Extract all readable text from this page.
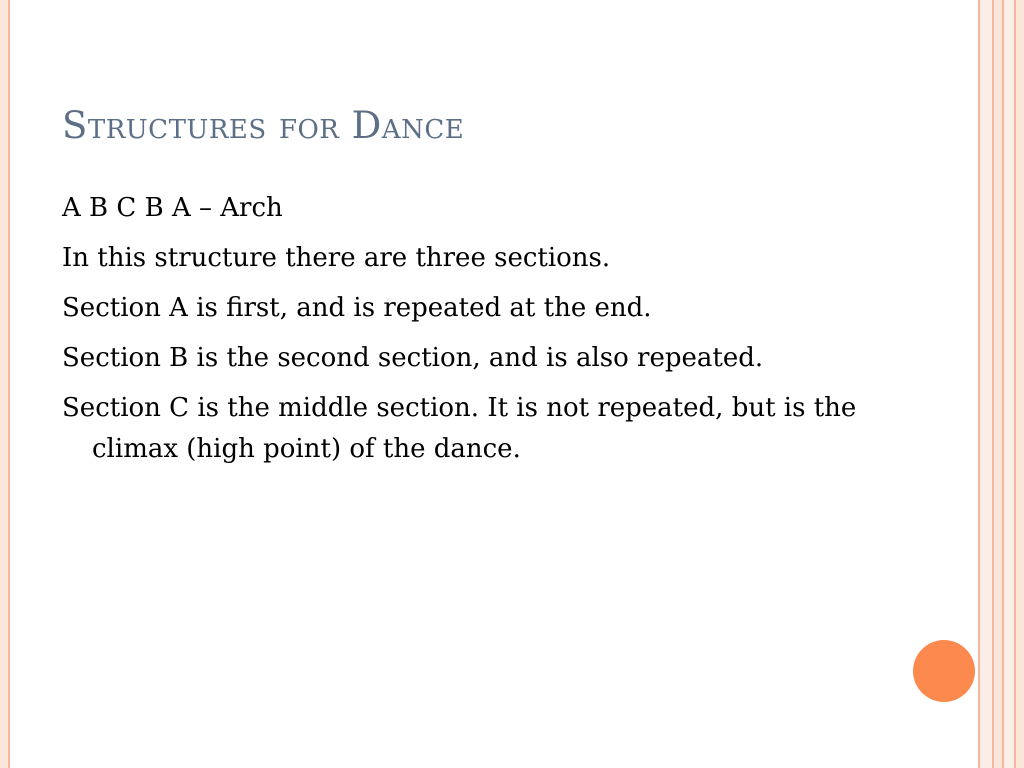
Structures for Dance
A B C B A – Arch
In this structure there are three sections.
Section A is first, and is repeated at the end.
Section B is the second section, and is also repeated.
Section C is the middle section. It is not repeated, but is the climax (high point) of the dance.
